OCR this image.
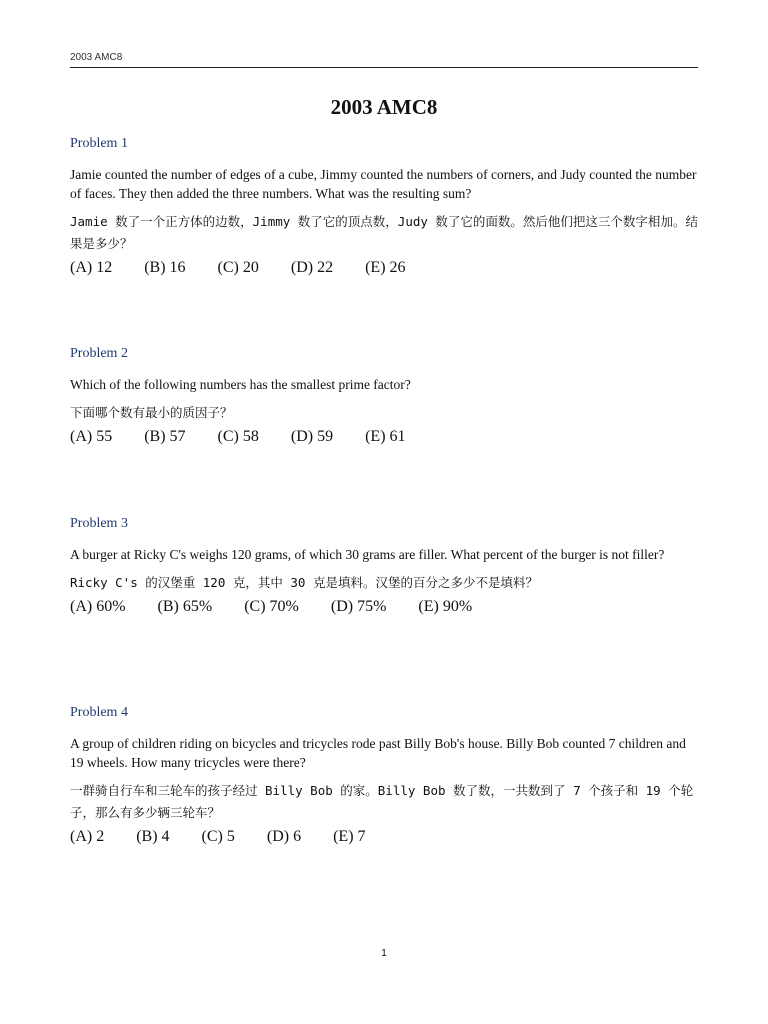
2003 AMC8
2003 AMC8
Problem 1
Jamie counted the number of edges of a cube, Jimmy counted the numbers of corners, and Judy counted the number of faces. They then added the three numbers. What was the resulting sum?
Jamie 数了一个正方体的边数，Jimmy 数了它的顶点数，Judy 数了它的面数。然后他们把这三个数字相加。结果是多少？
(A) 12 (B) 16 (C) 20 (D) 22 (E) 26
Problem 2
Which of the following numbers has the smallest prime factor?
下面哪个数有最小的质因子？
(A) 55 (B) 57 (C) 58 (D) 59 (E) 61
Problem 3
A burger at Ricky C's weighs 120 grams, of which 30 grams are filler. What percent of the burger is not filler?
Ricky C's 的汉堡重 120 克，其中 30 克是填料。汉堡的百分之多少不是填料？
(A) 60% (B) 65% (C) 70% (D) 75% (E) 90%
Problem 4
A group of children riding on bicycles and tricycles rode past Billy Bob's house. Billy Bob counted 7 children and 19 wheels. How many tricycles were there?
一群骑自行车和三轮车的孩子经过 Billy Bob 的家。Billy Bob 数了数，一共数到了 7 个孩子和 19 个轮子，那么有多少辆三轮车？
(A) 2 (B) 4 (C) 5 (D) 6 (E) 7
1
